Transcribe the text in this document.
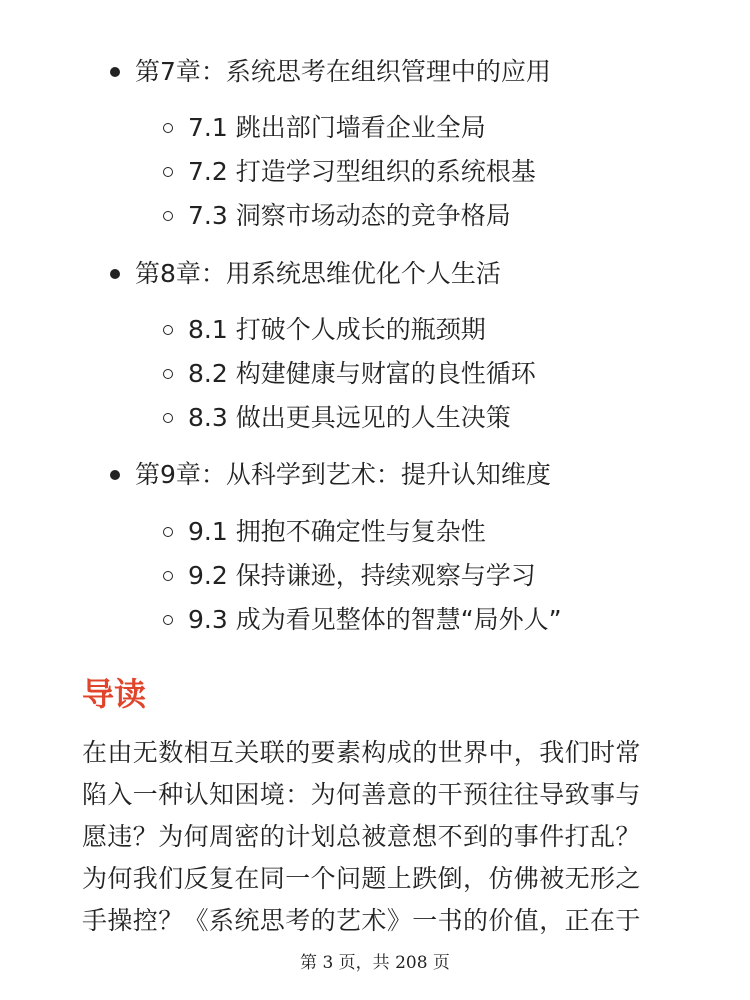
第7章：系统思考在组织管理中的应用
7.1 跳出部门墙看企业全局
7.2 打造学习型组织的系统根基
7.3 洞察市场动态的竞争格局
第8章：用系统思维优化个人生活
8.1 打破个人成长的瓶颈期
8.2 构建健康与财富的良性循环
8.3 做出更具远见的人生决策
第9章：从科学到艺术：提升认知维度
9.1 拥抱不确定性与复杂性
9.2 保持谦逊，持续观察与学习
9.3 成为看见整体的智慧“局外人”
导读
在由无数相互关联的要素构成的世界中，我们时常
陷入一种认知困境：为何善意的干预往往导致事与
愿违？为何周密的计划总被意想不到的事件打乱？
为何我们反复在同一个问题上跌倒，仿佛被无形之
手操控？《系统思考的艺术》一书的价值，正在于
第 3 页，共 208 页
